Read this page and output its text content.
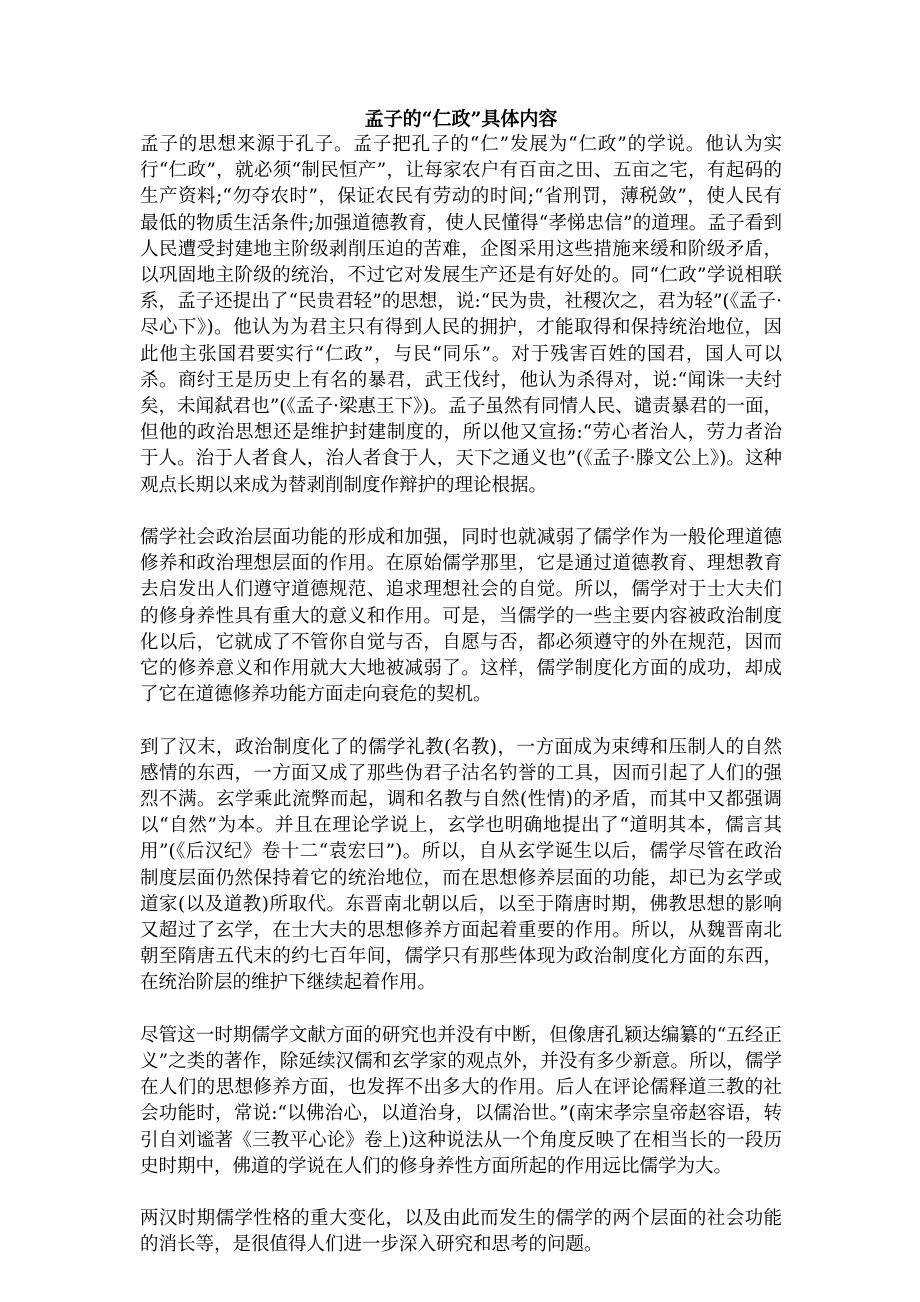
孟子的“仁政”具体内容

孟子的思想来源于孔子。孟子把孔子的“仁”发展为“仁政”的学说。他认为实行“仁政”，就必须“制民恒产”，让每家农户有百亩之田、五亩之宅，有起码的生产资料;“勿夺农时”，保证农民有劳动的时间;“省刑罚，薄税敛”，使人民有最低的物质生活条件;加强道德教育，使人民懂得“孝悌忠信”的道理。孟子看到人民遭受封建地主阶级剥削压迫的苦难，企图采用这些措施来缓和阶级矛盾，以巩固地主阶级的统治，不过它对发展生产还是有好处的。同“仁政”学说相联系，孟子还提出了“民贵君轻”的思想，说:“民为贵，社稷次之，君为轻”(《孟子·尽心下》)。他认为为君主只有得到人民的拥护，才能取得和保持统治地位，因此他主张国君要实行“仁政”，与民“同乐”。对于残害百姓的国君，国人可以杀。商纣王是历史上有名的暴君，武王伐纣，他认为杀得对，说:“闻诛一夫纣矣，未闻弑君也”(《孟子·梁惠王下》)。孟子虽然有同情人民、谴责暴君的一面，但他的政治思想还是维护封建制度的，所以他又宣扬:“劳心者治人，劳力者治于人。治于人者食人，治人者食于人，天下之通义也”(《孟子·滕文公上》)。这种观点长期以来成为替剥削制度作辩护的理论根据。

儒学社会政治层面功能的形成和加强，同时也就减弱了儒学作为一般伦理道德修养和政治理想层面的作用。在原始儒学那里，它是通过道德教育、理想教育去启发出人们遵守道德规范、追求理想社会的自觉。所以，儒学对于士大夫们的修身养性具有重大的意义和作用。可是，当儒学的一些主要内容被政治制度化以后，它就成了不管你自觉与否，自愿与否，都必须遵守的外在规范，因而它的修养意义和作用就大大地被减弱了。这样，儒学制度化方面的成功，却成了它在道德修养功能方面走向衰危的契机。

到了汉末，政治制度化了的儒学礼教(名教)，一方面成为束缚和压制人的自然感情的东西，一方面又成了那些伪君子沽名钓誉的工具，因而引起了人们的强烈不满。玄学乘此流弊而起，调和名教与自然(性情)的矛盾，而其中又都强调以“自然”为本。并且在理论学说上，玄学也明确地提出了“道明其本，儒言其用”(《后汉纪》卷十二“袁宏曰”)。所以，自从玄学诞生以后，儒学尽管在政治制度层面仍然保持着它的统治地位，而在思想修养层面的功能，却已为玄学或道家(以及道教)所取代。东晋南北朝以后，以至于隋唐时期，佛教思想的影响又超过了玄学，在士大夫的思想修养方面起着重要的作用。所以，从魏晋南北朝至隋唐五代末的约七百年间，儒学只有那些体现为政治制度化方面的东西，在统治阶层的维护下继续起着作用。

尽管这一时期儒学文献方面的研究也并没有中断，但像唐孔颖达编纂的“五经正义”之类的著作，除延续汉儒和玄学家的观点外，并没有多少新意。所以，儒学在人们的思想修养方面，也发挥不出多大的作用。后人在评论儒释道三教的社会功能时，常说:“以佛治心，以道治身，以儒治世。”(南宋孝宗皇帝赵容语，转引自刘谧著《三教平心论》卷上)这种说法从一个角度反映了在相当长的一段历史时期中，佛道的学说在人们的修身养性方面所起的作用远比儒学为大。

两汉时期儒学性格的重大变化，以及由此而发生的儒学的两个层面的社会功能的消长等，是很值得人们进一步深入研究和思考的问题。
